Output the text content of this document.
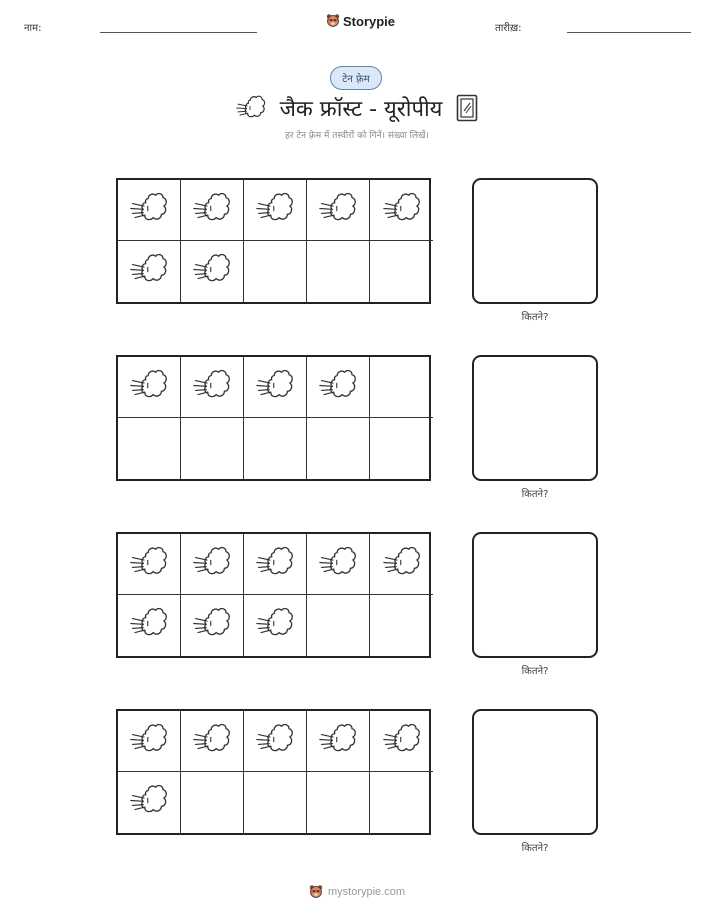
नाम:	Storypie	तारीख़:
टेन फ़्रेम
जैक फ्रॉस्ट - यूरोपीय
हर टेन फ़्रेम में तस्वीरों को गिनें। संख्या लिखें।
कितने?
कितने?
कितने?
कितने?
mystorypie.com
